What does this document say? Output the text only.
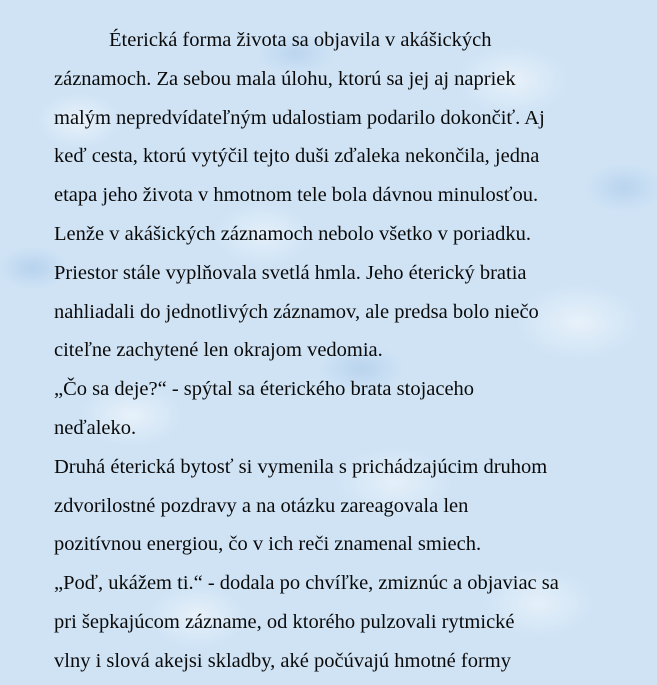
Éterická forma života sa objavila v akášických
záznamoch. Za sebou mala úlohu, ktorú sa jej aj napriek
malým nepredvídateľným udalostiam podarilo dokončiť. Aj
keď cesta, ktorú vytýčil tejto duši zďaleka nekončila, jedna
etapa jeho života v hmotnom tele bola dávnou minulosťou.
Lenže v akášických záznamoch nebolo všetko v poriadku.
Priestor stále vyplňovala svetlá hmla. Jeho éterický bratia
nahliadali do jednotlivých záznamov, ale predsa bolo niečo
citeľne zachytené len okrajom vedomia.
„Čo sa deje?“ - spýtal sa éterického brata stojaceho
neďaleko.
Druhá éterická bytosť si vymenila s prichádzajúcim druhom
zdvorilostné pozdravy a na otázku zareagovala len
pozitívnou energiou, čo v ich reči znamenal smiech.
„Poď, ukážem ti.“ - dodala po chvíľke, zmiznúc a objaviac sa
pri šepkajúcom zázname, od ktorého pulzovali rytmické
vlny i slová akejsi skladby, aké počúvajú hmotné formy
